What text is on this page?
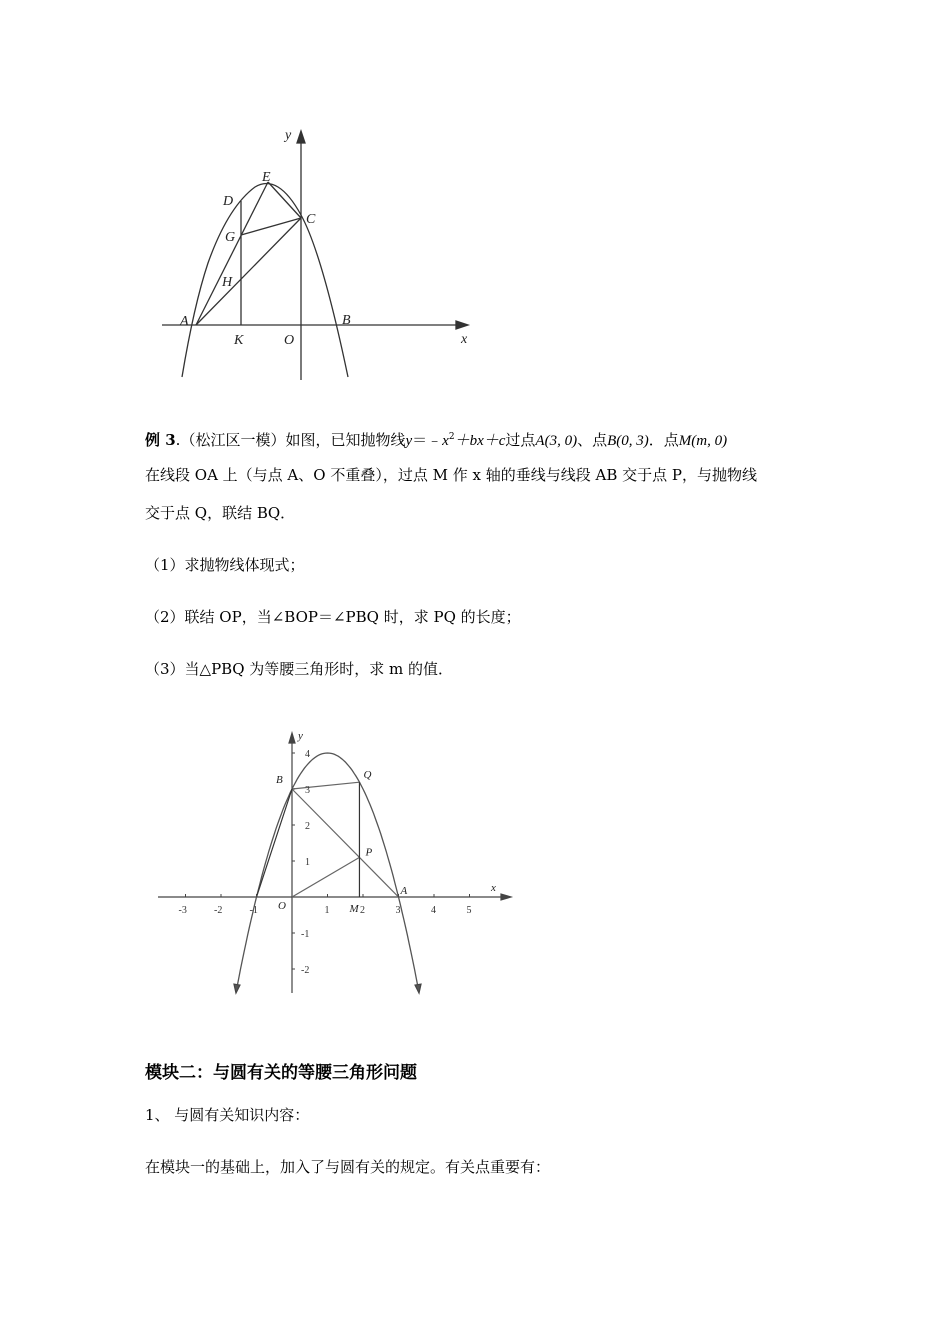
y
x
E
D
C
G
H
A	B
K	O
例 3.（松江区一模）如图，已知抛物线$y=﹣x^2+bx+c$过点A(3, 0)、点B(0, 3)．点M(m, 0)
在线段 OA 上（与点 A、O 不重叠），过点 M 作 x 轴的垂线与线段 AB 交于点 P，与抛物线
交于点 Q，联结 BQ．
（1）求抛物线体现式；
（2）联结 OP，当∠BOP＝∠PBQ 时，求 PQ 的长度；
（3）当△PBQ 为等腰三角形时，求 m 的值．
-3	-2	-1	1	2	3	4	5
4
3
2
1
-1
-2
y
x
B	Q
P
O	M
A
模块二：与圆有关的等腰三角形问题
1、 与圆有关知识内容：
在模块一的基础上，加入了与圆有关的规定。有关点重要有：
